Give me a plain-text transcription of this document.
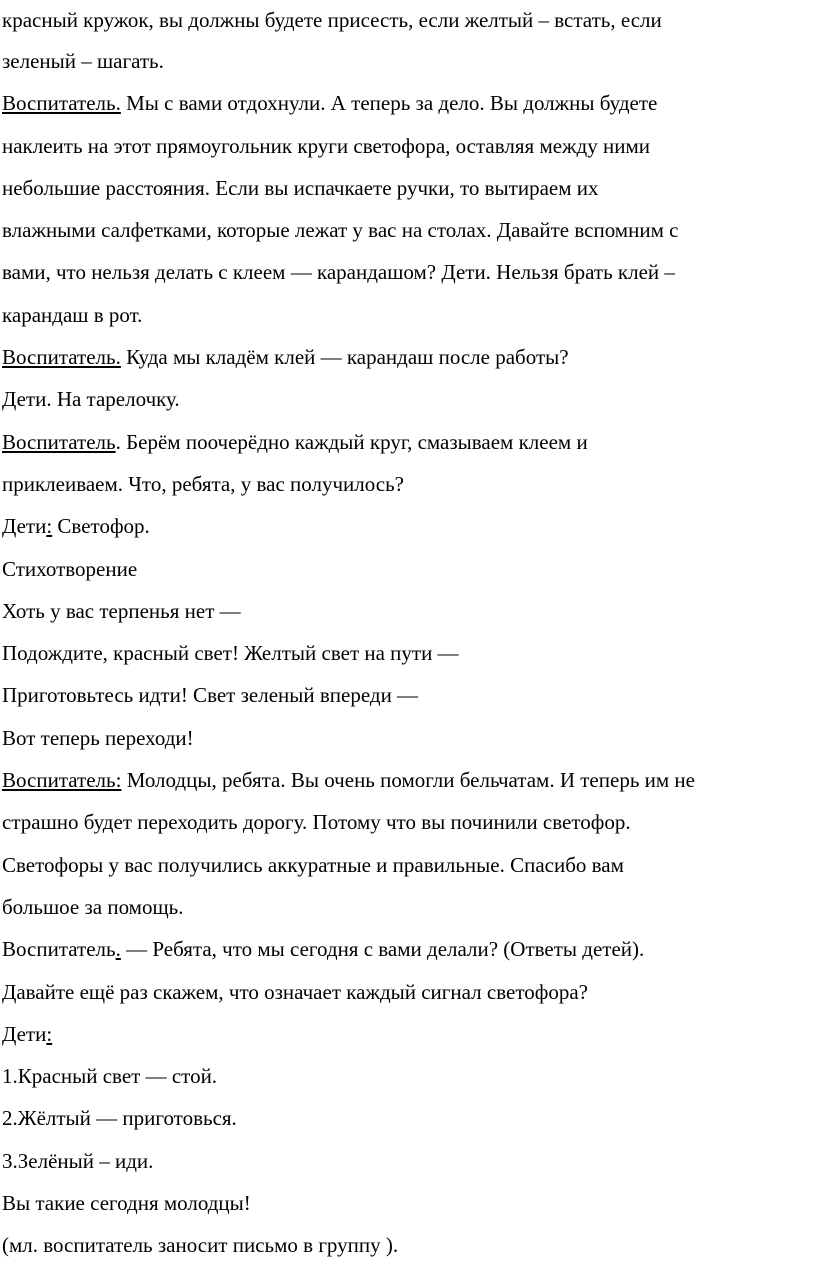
красный кружок, вы должны будете присесть, если желтый – встать, если
зеленый – шагать.
Воспитатель. Мы с вами отдохнули. А теперь за дело. Вы должны будете
наклеить на этот прямоугольник круги светофора, оставляя между ними
небольшие расстояния. Если вы испачкаете ручки, то вытираем их
влажными салфетками, которые лежат у вас на столах. Давайте вспомним с
вами, что нельзя делать с клеем — карандашом? Дети. Нельзя брать клей –
карандаш в рот.
Воспитатель. Куда мы кладём клей — карандаш после работы?
Дети. На тарелочку.
Воспитатель. Берём поочерёдно каждый круг, смазываем клеем и
приклеиваем. Что, ребята, у вас получилось?
Дети: Светофор.
Стихотворение
Хоть у вас терпенья нет —
Подождите, красный свет! Желтый свет на пути —
Приготовьтесь идти! Свет зеленый впереди —
Вот теперь переходи!
Воспитатель: Молодцы, ребята. Вы очень помогли бельчатам. И теперь им не
страшно будет переходить дорогу. Потому что вы починили светофор.
Светофоры у вас получились аккуратные и правильные. Спасибо вам
большое за помощь.
Воспитатель. — Ребята, что мы сегодня с вами делали? (Ответы детей).
Давайте ещё раз скажем, что означает каждый сигнал светофора?
Дети:
1.Красный свет — стой.
2.Жёлтый — приготовься.
3.Зелёный – иди.
Вы такие сегодня молодцы!
(мл. воспитатель заносит письмо в группу ).
